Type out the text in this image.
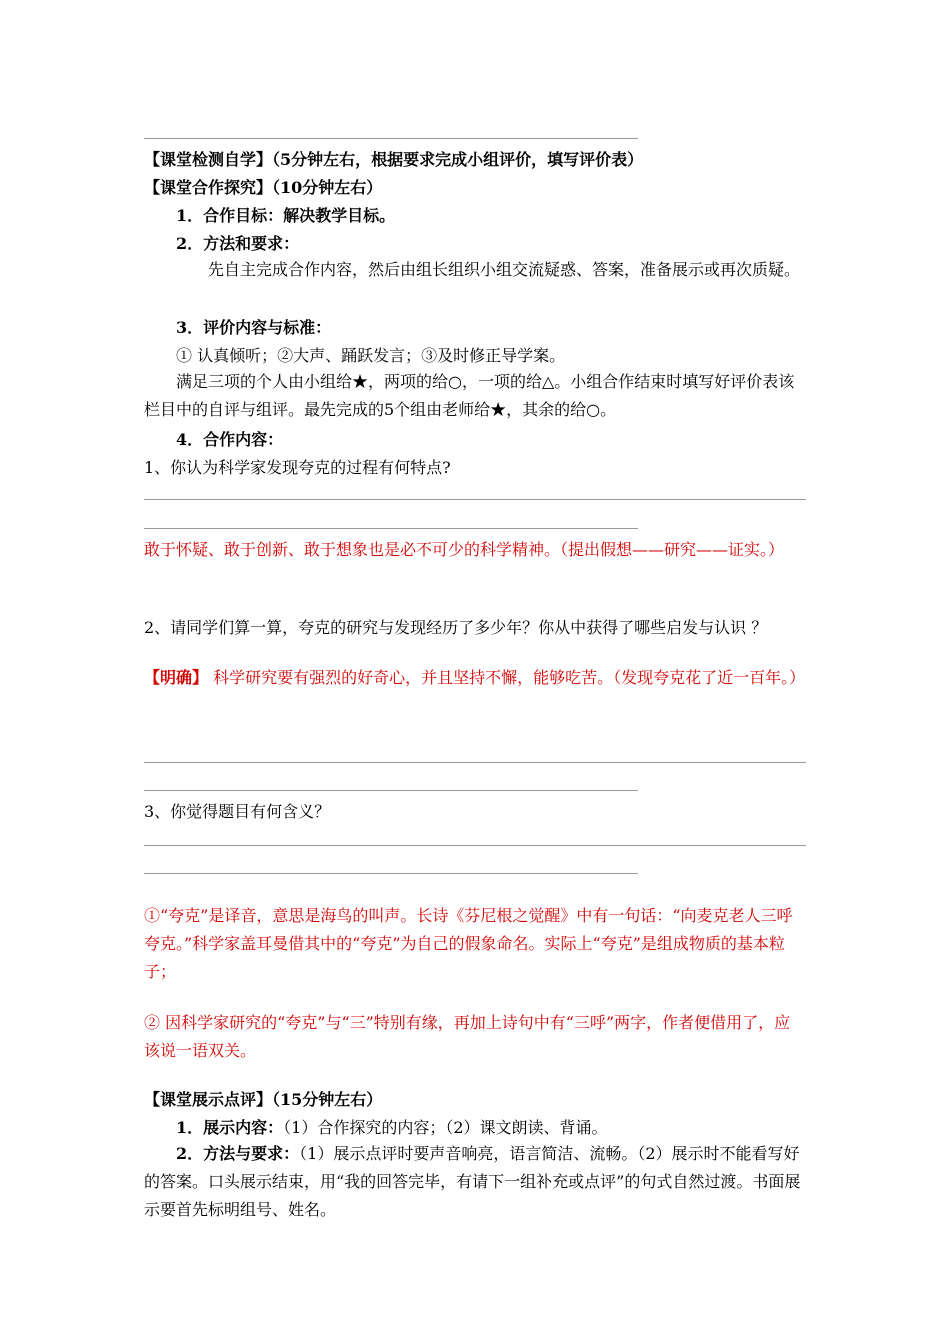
【课堂检测自学】（5分钟左右，根据要求完成小组评价，填写评价表）
【课堂合作探究】（10分钟左右）
1．合作目标：解决教学目标。
2．方法和要求：
先自主完成合作内容，然后由组长组织小组交流疑惑、答案，准备展示或再次质疑。
3．评价内容与标准：
① 认真倾听；②大声、踊跃发言；③及时修正导学案。
满足三项的个人由小组给★，两项的给○，一项的给△。小组合作结束时填写好评价表该栏目中的自评与组评。最先完成的5个组由老师给★，其余的给○。
4．合作内容：
1、你认为科学家发现夸克的过程有何特点?
敢于怀疑、敢于创新、敢于想象也是必不可少的科学精神。（提出假想——研究——证实。）
2、请同学们算一算，夸克的研究与发现经历了多少年？你从中获得了哪些启发与认识 ？
【明确】 科学研究要有强烈的好奇心，并且坚持不懈，能够吃苦。（发现夸克花了近一百年。）
3、你觉得题目有何含义？
①“夸克”是译音，意思是海鸟的叫声。长诗《芬尼根之觉醒》中有一句话：“向麦克老人三呼夸克。”科学家盖耳曼借其中的“夸克”为自己的假象命名。实际上“夸克”是组成物质的基本粒子；
② 因科学家研究的“夸克”与“三”特别有缘，再加上诗句中有“三呼”两字，作者便借用了，应该说一语双关。
【课堂展示点评】（15分钟左右）
1．展示内容：（1）合作探究的内容；（2）课文朗读、背诵。
2．方法与要求：（1）展示点评时要声音响亮，语言简洁、流畅。（2）展示时不能看写好的答案。口头展示结束，用“我的回答完毕，有请下一组补充或点评”的句式自然过渡。书面展示要首先标明组号、姓名。
